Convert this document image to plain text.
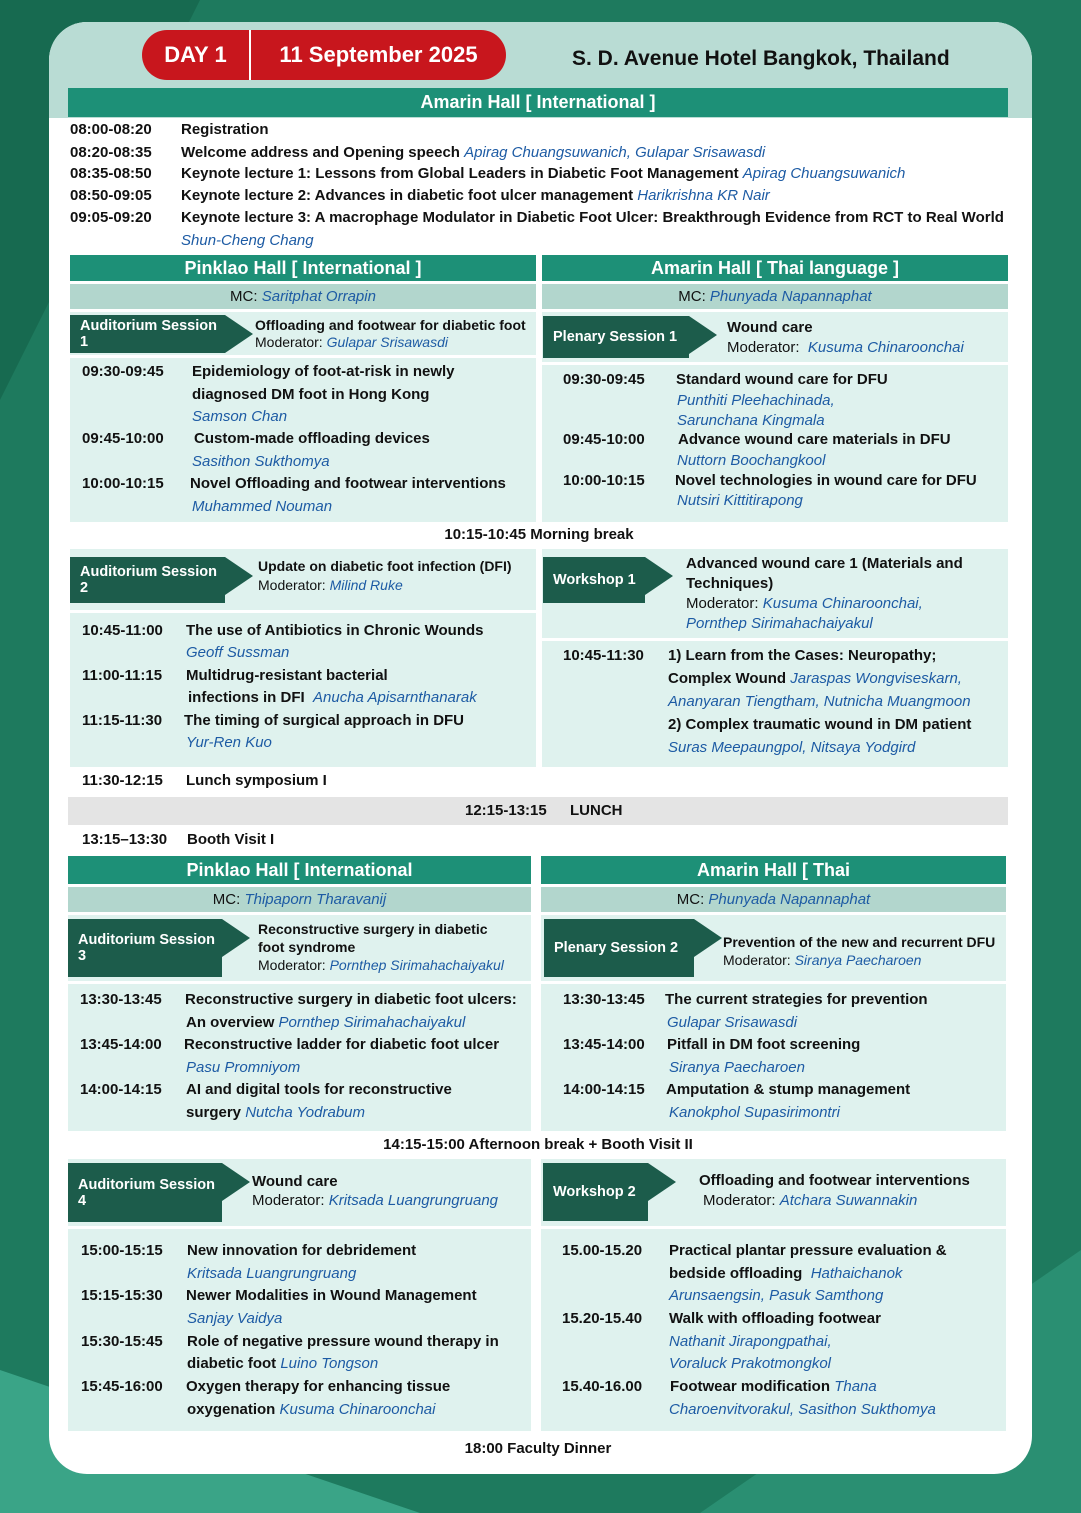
DAY 1	11 September 2025	S. D. Avenue Hotel Bangkok, Thailand
Amarin Hall [ International ]
08:00-08:20 Registration
08:20-08:35 Welcome address and Opening speech Apirag Chuangsuwanich, Gulapar Srisawasdi
08:35-08:50 Keynote lecture 1: Lessons from Global Leaders in Diabetic Foot Management Apirag Chuangsuwanich
08:50-09:05 Keynote lecture 2: Advances in diabetic foot ulcer management Harikrishna KR Nair
09:05-09:20 Keynote lecture 3: A macrophage Modulator in Diabetic Foot Ulcer: Breakthrough Evidence from RCT to Real World
Shun-Cheng Chang
Pinklao Hall [ International ]	Amarin Hall [ Thai language ]
MC: Saritphat Orrapin	MC: Phunyada Napannaphat
Auditorium Session 1
Offloading and footwear for diabetic foot
Moderator: Gulapar Srisawasdi	Plenary Session 1
Wound care
Moderator: Kusuma Chinaroonchai
09:30-09:45 Epidemiology of foot-at-risk in newly
diagnosed DM foot in Hong Kong
Samson Chan
09:45-10:00 Custom-made offloading devices
Sasithon Sukthomya
10:00-10:15 Novel Offloading and footwear interventions
Muhammed Nouman
09:30-09:45 Standard wound care for DFU
Punthiti Pleehachinada,
Sarunchana Kingmala
09:45-10:00 Advance wound care materials in DFU
Nuttorn Boochangkool
10:00-10:15 Novel technologies in wound care for DFU
Nutsiri Kittitirapong
10:15-10:45 Morning break
Auditorium Session 2
Update on diabetic foot infection (DFI)
Moderator: Milind Ruke	Workshop 1
Advanced wound care 1 (Materials and
Techniques)
Moderator: Kusuma Chinaroonchai,
Pornthep Sirimahachaiyakul
10:45-11:00 The use of Antibiotics in Chronic Wounds
Geoff Sussman
11:00-11:15 Multidrug-resistant bacterial
infections in DFI Anucha Apisarnthanarak
11:15-11:30 The timing of surgical approach in DFU
Yur-Ren Kuo
10:45-11:30 1) Learn from the Cases: Neuropathy;
Complex Wound Jaraspas Wongviseskarn,
Ananyaran Tiengtham, Nutnicha Muangmoon
2) Complex traumatic wound in DM patient
Suras Meepaungpol, Nitsaya Yodgird
11:30-12:15 Lunch symposium I
12:15-13:15 LUNCH
13:15–13:30 Booth Visit I
Pinklao Hall [ International	Amarin Hall [ Thai
MC: Thipaporn Tharavanij	MC: Phunyada Napannaphat
Auditorium Session 3
Reconstructive surgery in diabetic
foot syndrome
Moderator: Pornthep Sirimahachaiyakul
Plenary Session 2	Prevention of the new and recurrent DFU
Moderator: Siranya Paecharoen
13:30-13:45 Reconstructive surgery in diabetic foot ulcers:
An overview Pornthep Sirimahachaiyakul
13:45-14:00 Reconstructive ladder for diabetic foot ulcer
Pasu Promniyom
14:00-14:15 AI and digital tools for reconstructive
surgery Nutcha Yodrabum
13:30-13:45 The current strategies for prevention
Gulapar Srisawasdi
13:45-14:00 Pitfall in DM foot screening
Siranya Paecharoen
14:00-14:15 Amputation & stump management
Kanokphol Supasirimontri
14:15-15:00 Afternoon break + Booth Visit II
Auditorium Session 4
Wound care
Moderator: Kritsada Luangrungruang	Workshop 2
Offloading and footwear interventions
Moderator: Atchara Suwannakin
15:00-15:15 New innovation for debridement
Kritsada Luangrungruang
15:15-15:30 Newer Modalities in Wound Management
Sanjay Vaidya
15:30-15:45 Role of negative pressure wound therapy in
diabetic foot Luino Tongson
15:45-16:00 Oxygen therapy for enhancing tissue
oxygenation Kusuma Chinaroonchai
15.00-15.20 Practical plantar pressure evaluation &
bedside offloading Hathaichanok
Arunsaengsin, Pasuk Samthong
15.20-15.40 Walk with offloading footwear
Nathanit Jirapongpathai,
Voraluck Prakotmongkol
15.40-16.00 Footwear modification Thana
Charoenvitvorakul, Sasithon Sukthomya
18:00 Faculty Dinner
